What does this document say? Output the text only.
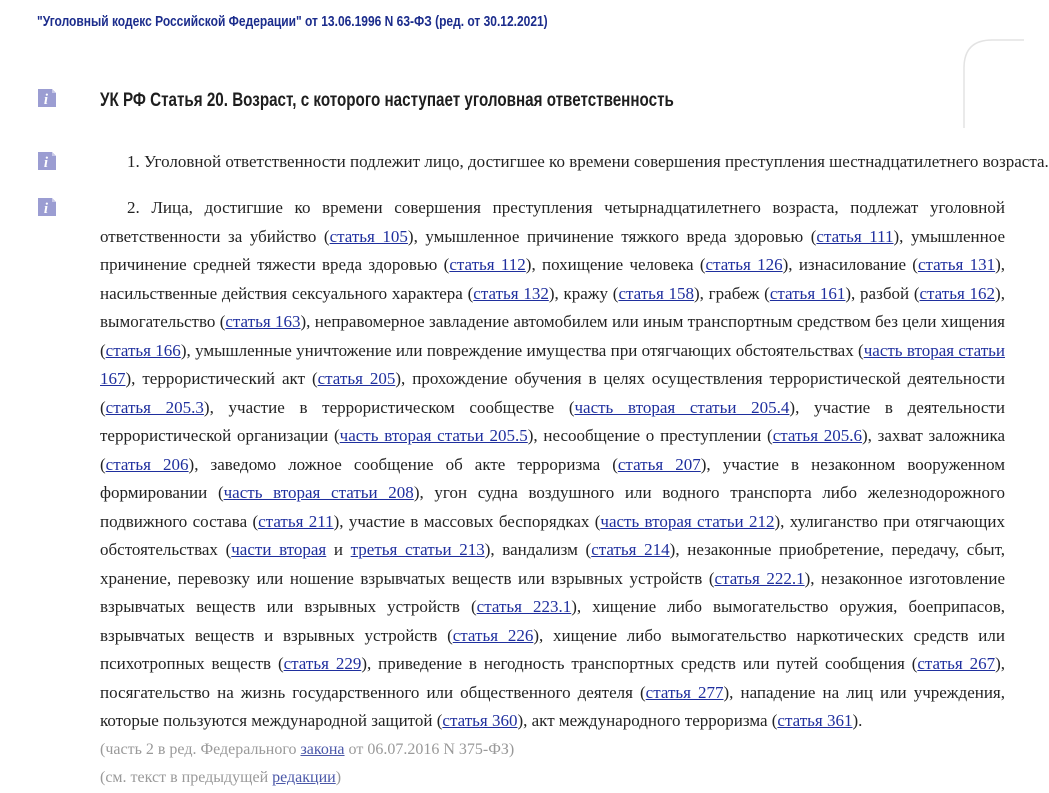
"Уголовный кодекс Российской Федерации" от 13.06.1996 N 63-ФЗ (ред. от 30.12.2021)
i
i
i
УК РФ Статья 20. Возраст, с которого наступает уголовная ответственность

1. Уголовной ответственности подлежит лицо, достигшее ко времени совершения преступления шестнадцатилетнего возраста.

2. Лица, достигшие ко времени совершения преступления четырнадцатилетнего возраста, подлежат уголовной ответственности за убийство (статья 105), умышленное причинение тяжкого вреда здоровью (статья 111), умышленное причинение средней тяжести вреда здоровью (статья 112), похищение человека (статья 126), изнасилование (статья 131), насильственные действия сексуального характера (статья 132), кражу (статья 158), грабеж (статья 161), разбой (статья 162), вымогательство (статья 163), неправомерное завладение автомобилем или иным транспортным средством без цели хищения (статья 166), умышленные уничтожение или повреждение имущества при отягчающих обстоятельствах (часть вторая статьи 167), террористический акт (статья 205), прохождение обучения в целях осуществления террористической деятельности (статья 205.3), участие в террористическом сообществе (часть вторая статьи 205.4), участие в деятельности террористической организации (часть вторая статьи 205.5), несообщение о преступлении (статья 205.6), захват заложника (статья 206), заведомо ложное сообщение об акте терроризма (статья 207), участие в незаконном вооруженном формировании (часть вторая статьи 208), угон судна воздушного или водного транспорта либо железнодорожного подвижного состава (статья 211), участие в массовых беспорядках (часть вторая статьи 212), хулиганство при отягчающих обстоятельствах (части вторая и третья статьи 213), вандализм (статья 214), незаконные приобретение, передачу, сбыт, хранение, перевозку или ношение взрывчатых веществ или взрывных устройств (статья 222.1), незаконное изготовление взрывчатых веществ или взрывных устройств (статья 223.1), хищение либо вымогательство оружия, боеприпасов, взрывчатых веществ и взрывных устройств (статья 226), хищение либо вымогательство наркотических средств или психотропных веществ (статья 229), приведение в негодность транспортных средств или путей сообщения (статья 267), посягательство на жизнь государственного или общественного деятеля (статья 277), нападение на лиц или учреждения, которые пользуются международной защитой (статья 360), акт международного терроризма (статья 361).

(часть 2 в ред. Федерального закона от 06.07.2016 N 375-ФЗ)

(см. текст в предыдущей редакции)
